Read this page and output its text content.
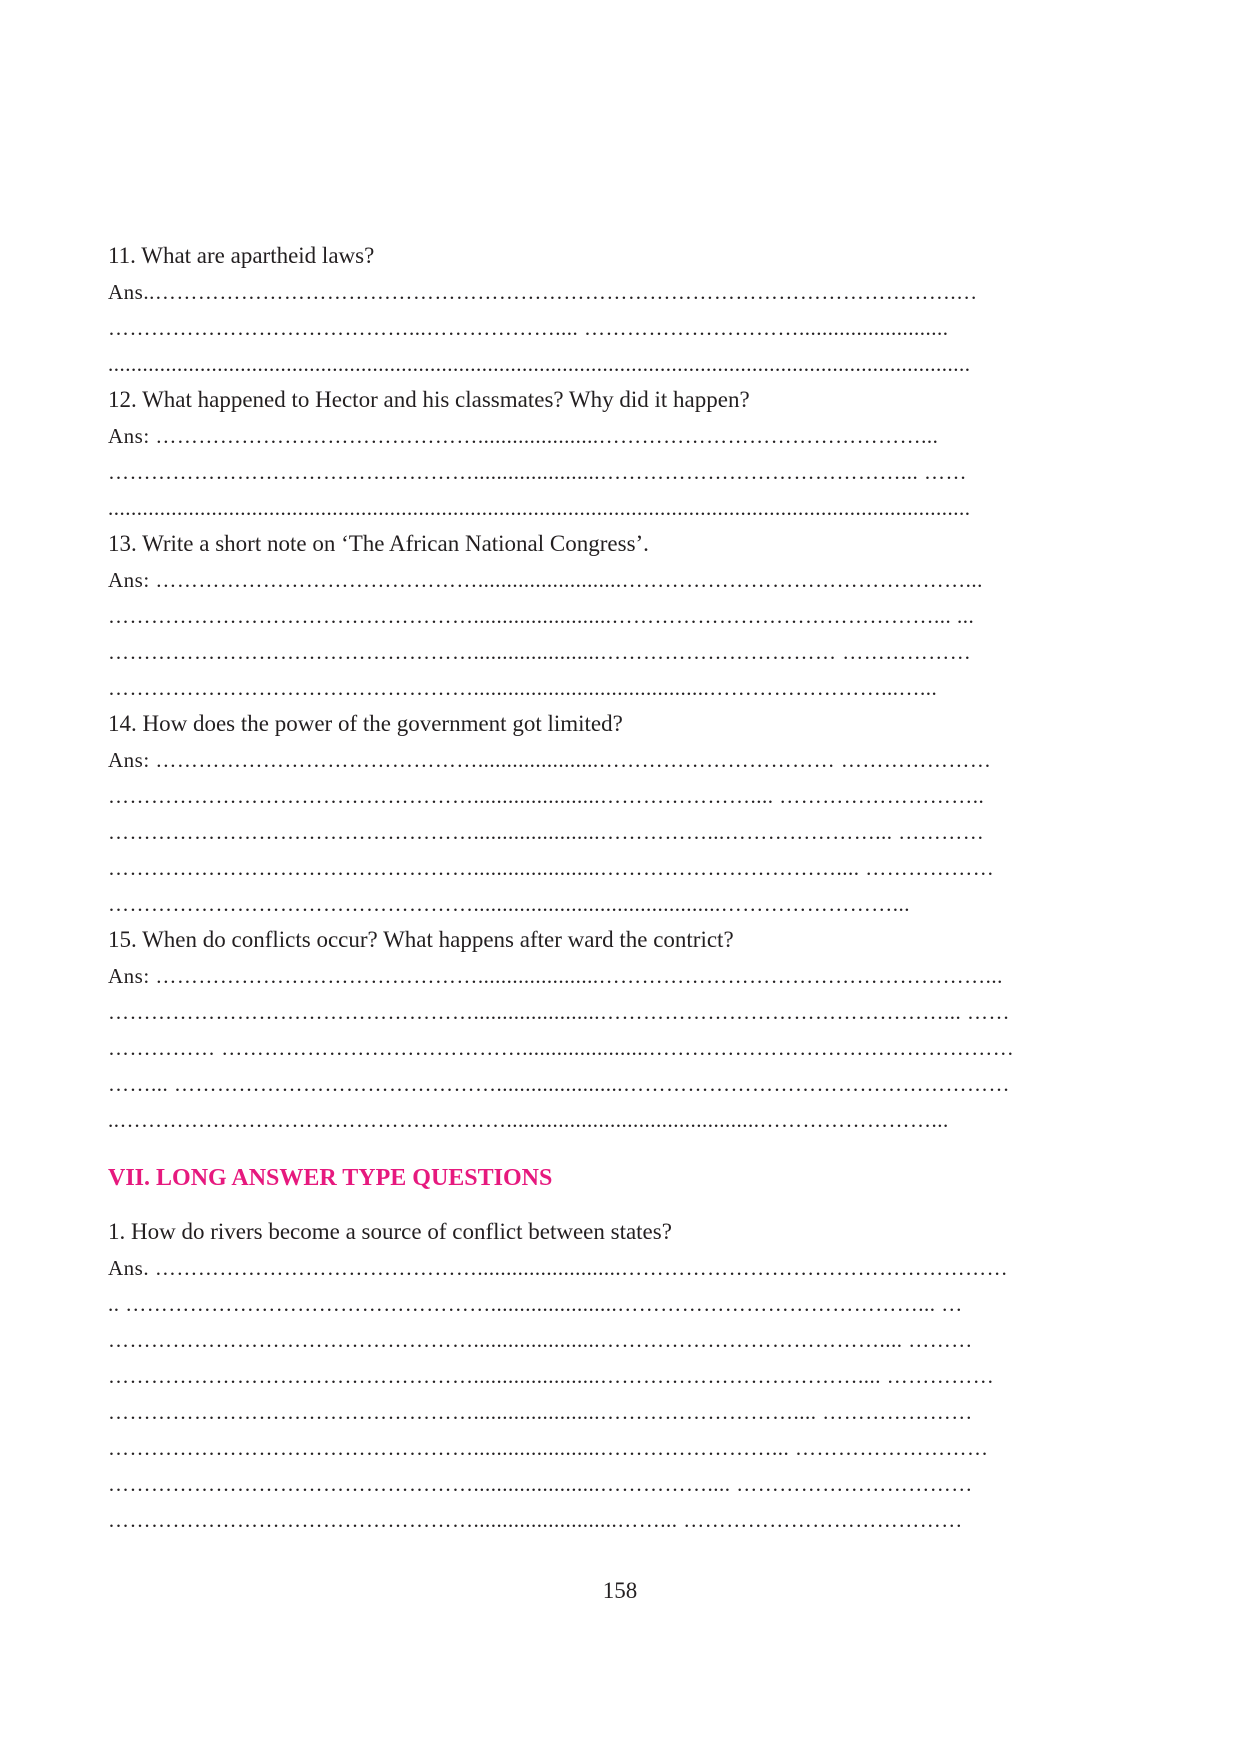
11. What are apartheid laws?

Ans..………………………………………………………………………………………………….…

……………………………………...……………….... …………………………..........................

......................................................................................................................................................

12. What happened to Hector and his classmates? Why did it happen?

Ans: ……………………………………….....................………………………………………...

……………………………………………......................……………………………………... ……

......................................................................................................................................................

13. Write a short note on ‘The African National Congress’.

Ans: ……………………………………….........................…………………………………………...

……………………………………………........................………………………………………... ...

……………………………………………......................…………………………… ………………

…………………………………………….........................................……………………...…...

14. How does the power of the government got limited?

Ans: ……………………………………….....................…………………………… …………………

……………………………………………......................………………….... ………………………..

……………………………………………......................……………...…………………... …………

……………………………………………......................…………………………….... ………………

……………………………………………...........................................……………………...

15. When do conflicts occur? What happens after ward the contrict?

Ans: ……………………………………….....................………………………………………………...

……………………………………………......................…………………………………………... ……

…………… ……………………………………......................……………………………………………

……... ………………………………………......................………………………………………………

..………………………………………………............................................……………………...

VII. LONG ANSWER TYPE QUESTIONS

1. How do rivers become a source of conflict between states?

Ans. ……………………………………….........................………………………………………………

.. ……………………………………………......................……………………………………... …

……………………………………………......................………………………………….... ………

……………………………………………......................……………………………….... ……………

……………………………………………......................……………………….... …………………

……………………………………………......................……………………... ………………………

……………………………………………......................…………….... ……………………………

…………………………………………….........................……... …………………………………

158
